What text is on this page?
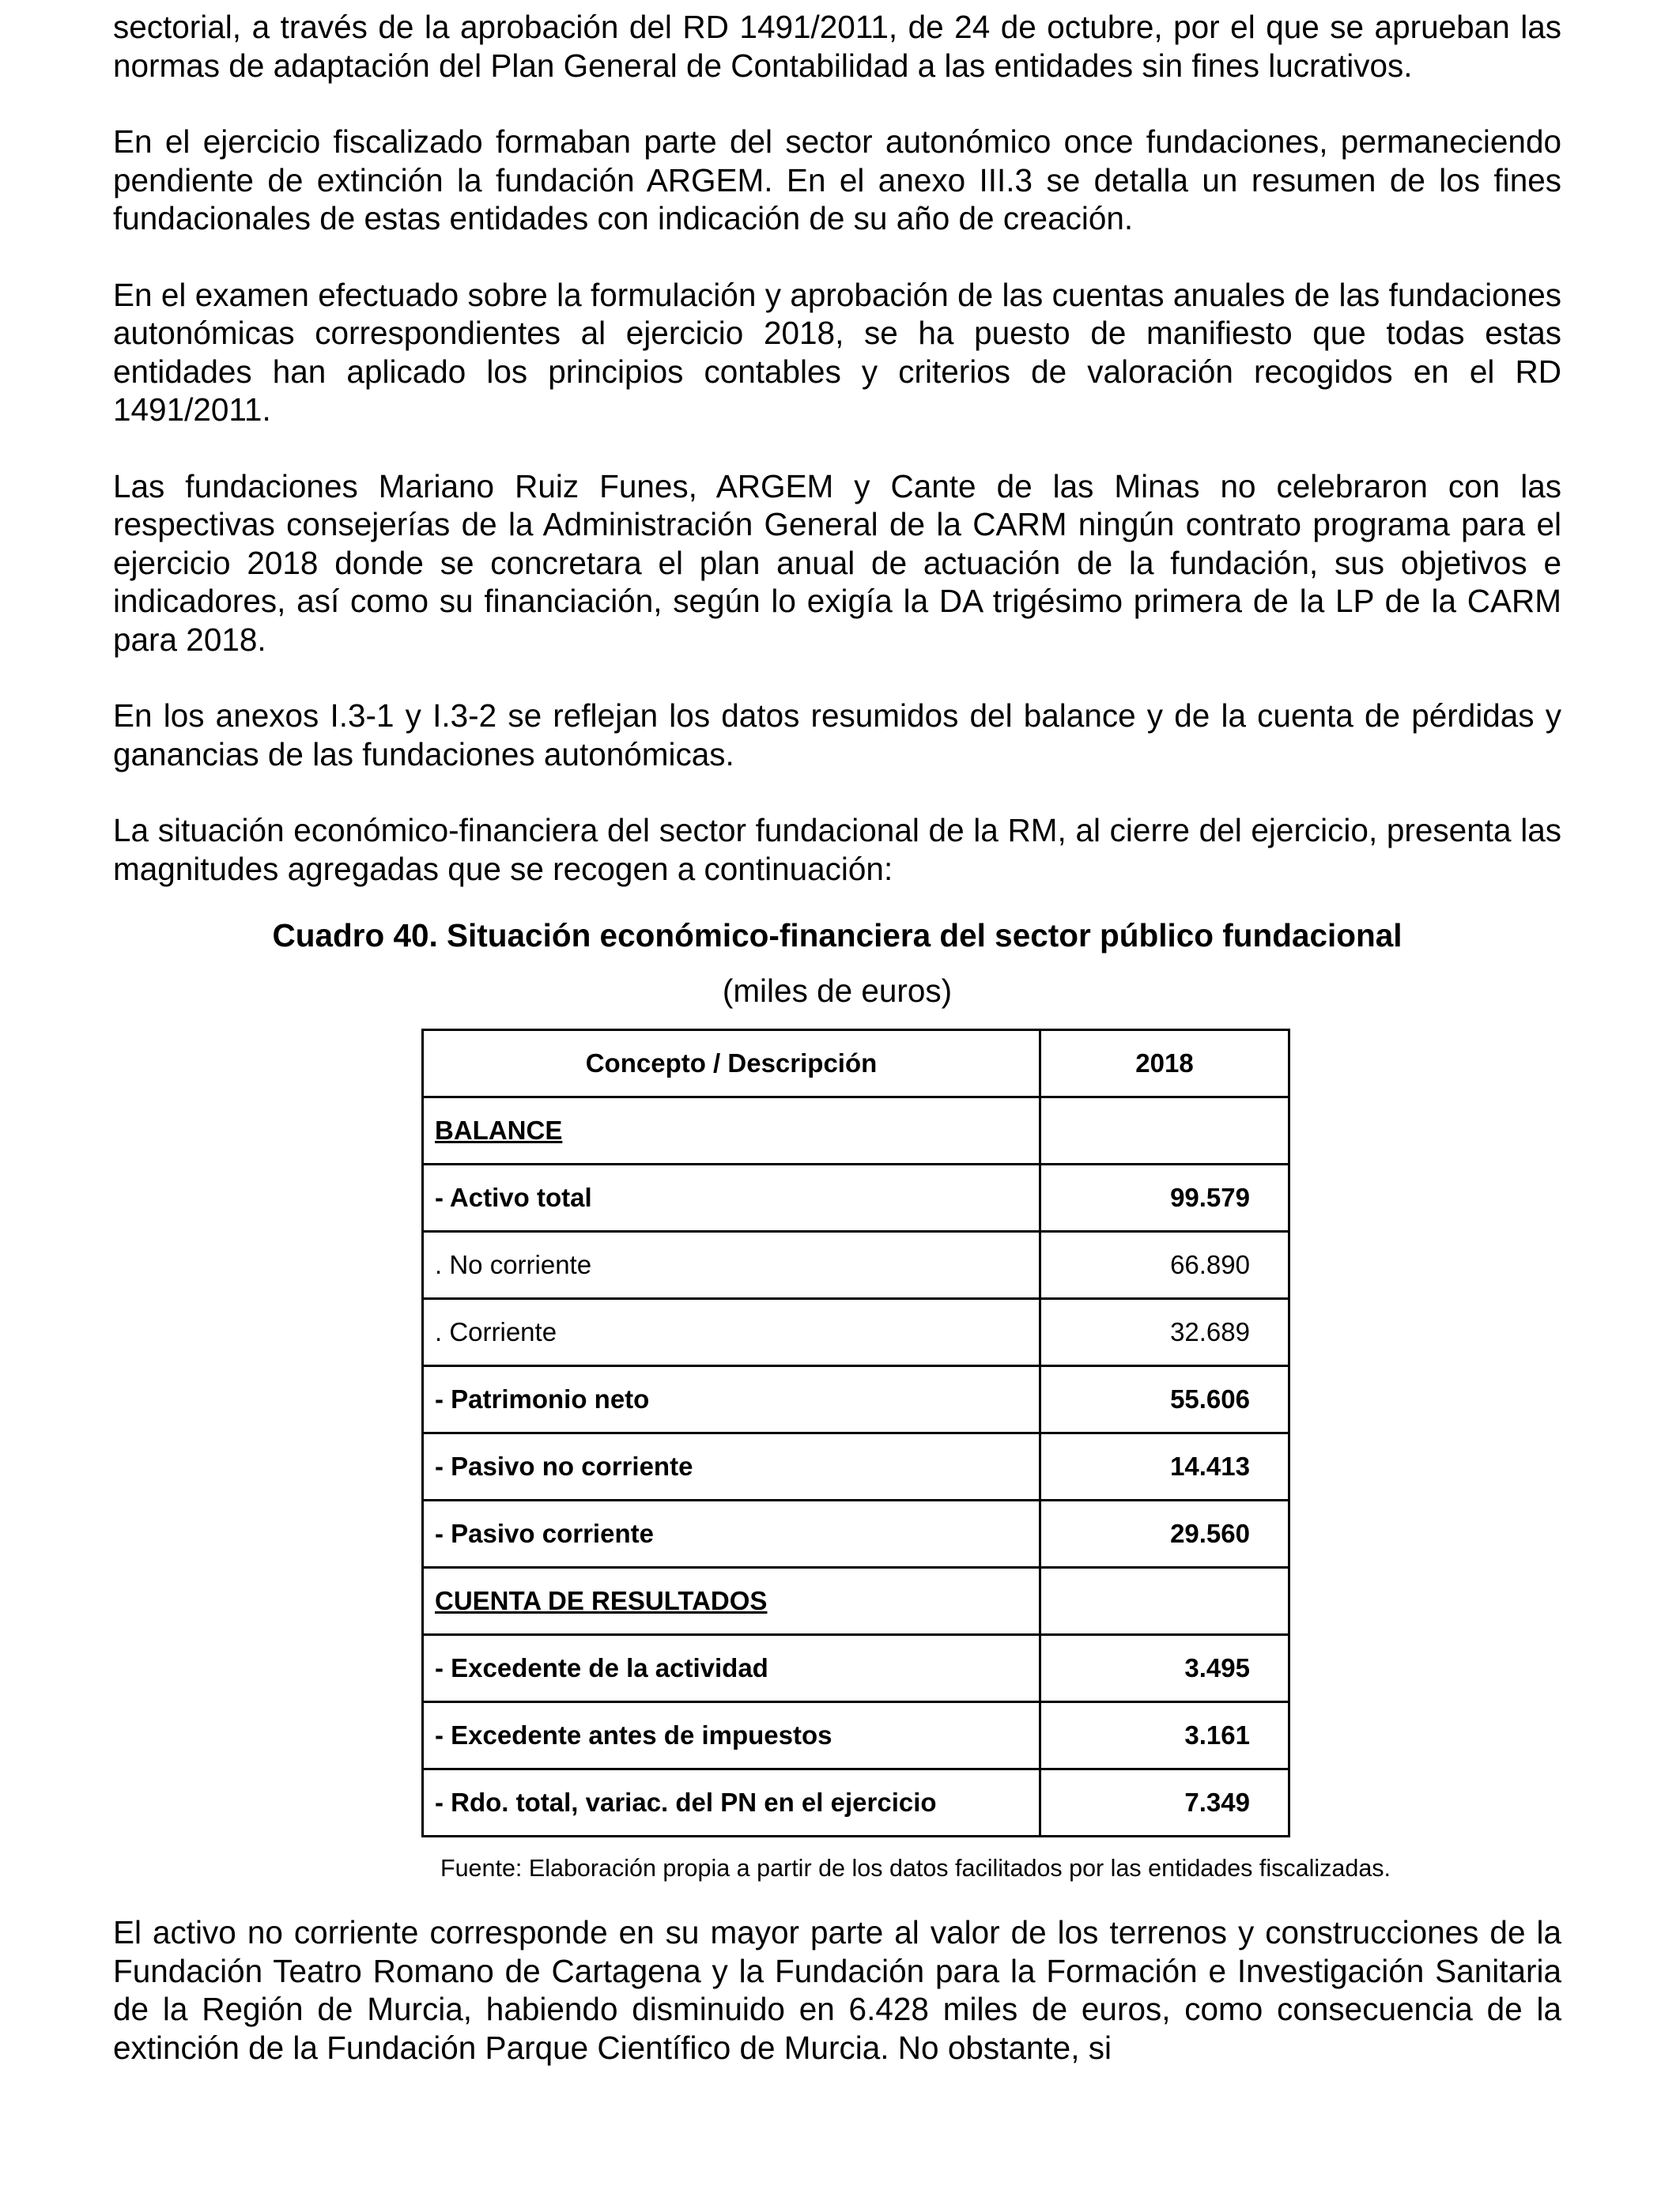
sectorial, a través de la aprobación del RD 1491/2011, de 24 de octubre, por el que se aprueban las normas de adaptación del Plan General de Contabilidad a las entidades sin fines lucrativos.

En el ejercicio fiscalizado formaban parte del sector autonómico once fundaciones, permaneciendo pendiente de extinción la fundación ARGEM. En el anexo III.3 se detalla un resumen de los fines fundacionales de estas entidades con indicación de su año de creación.

En el examen efectuado sobre la formulación y aprobación de las cuentas anuales de las fundaciones autonómicas correspondientes al ejercicio 2018, se ha puesto de manifiesto que todas estas entidades han aplicado los principios contables y criterios de valoración recogidos en el RD 1491/2011.

Las fundaciones Mariano Ruiz Funes, ARGEM y Cante de las Minas no celebraron con las respectivas consejerías de la Administración General de la CARM ningún contrato programa para el ejercicio 2018 donde se concretara el plan anual de actuación de la fundación, sus objetivos e indicadores, así como su financiación, según lo exigía la DA trigésimo primera de la LP de la CARM para 2018.

En los anexos I.3-1 y I.3-2 se reflejan los datos resumidos del balance y de la cuenta de pérdidas y ganancias de las fundaciones autonómicas.

La situación económico-financiera del sector fundacional de la RM, al cierre del ejercicio, presenta las magnitudes agregadas que se recogen a continuación:

Cuadro 40. Situación económico-financiera del sector público fundacional
(miles de euros)
Concepto / Descripción	2018
BALANCE	
- Activo total	99.579
. No corriente	66.890
. Corriente	32.689
- Patrimonio neto	55.606
- Pasivo no corriente	14.413
- Pasivo corriente	29.560
CUENTA DE RESULTADOS	
- Excedente de la actividad	3.495
- Excedente antes de impuestos	3.161
- Rdo. total, variac. del PN en el ejercicio	7.349
Fuente: Elaboración propia a partir de los datos facilitados por las entidades fiscalizadas.

El activo no corriente corresponde en su mayor parte al valor de los terrenos y construcciones de la Fundación Teatro Romano de Cartagena y la Fundación para la Formación e Investigación Sanitaria de la Región de Murcia, habiendo disminuido en 6.428 miles de euros, como consecuencia de la extinción de la Fundación Parque Científico de Murcia. No obstante, si
